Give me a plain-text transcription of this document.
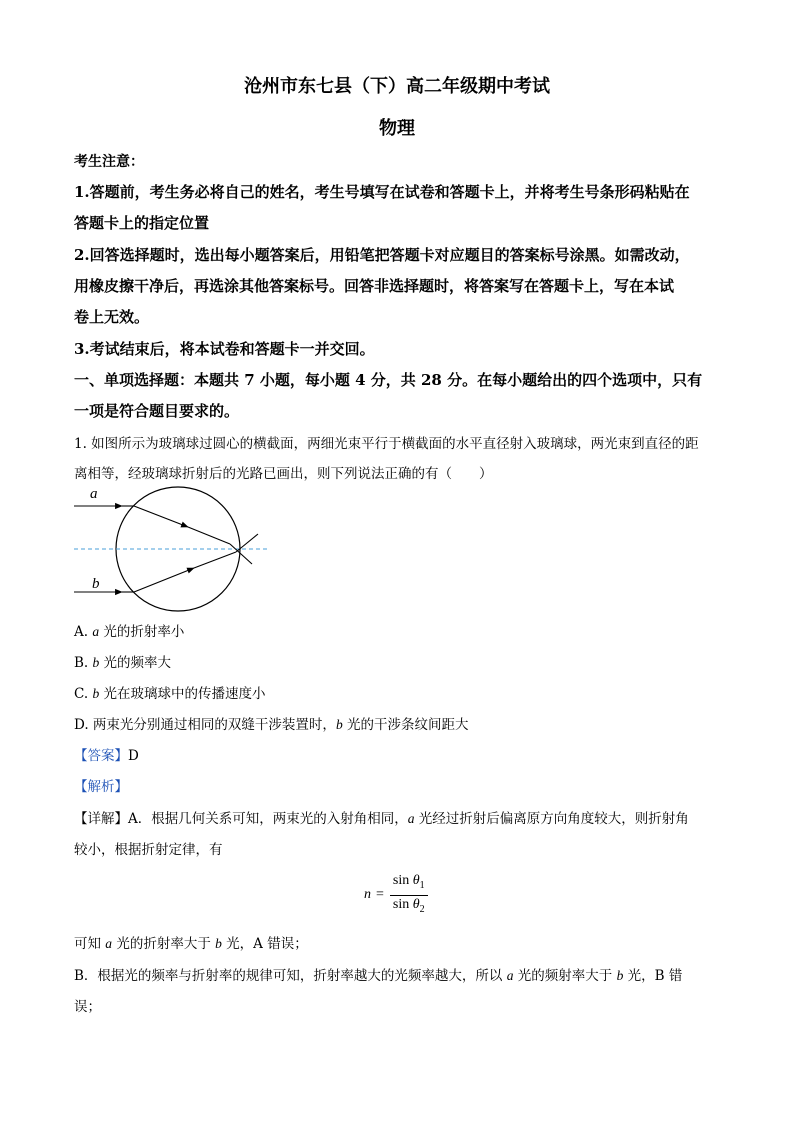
沧州市东七县（下）高二年级期中考试
物理
考生注意：
1.答题前，考生务必将自己的姓名，考生号填写在试卷和答题卡上，并将考生号条形码粘贴在
答题卡上的指定位置
2.回答选择题时，选出每小题答案后，用铅笔把答题卡对应题目的答案标号涂黑。如需改动，
用橡皮擦干净后，再选涂其他答案标号。回答非选择题时，将答案写在答题卡上，写在本试
卷上无效。
3.考试结束后，将本试卷和答题卡一并交回。
一、单项选择题：本题共 7 小题，每小题 4 分，共 28 分。在每小题给出的四个选项中，只有
一项是符合题目要求的。
1. 如图所示为玻璃球过圆心的横截面，两细光束平行于横截面的水平直径射入玻璃球，两光束到直径的距
离相等，经玻璃球折射后的光路已画出，则下列说法正确的有（　　）
a
b
A. a 光的折射率小
B. b 光的频率大
C. b 光在玻璃球中的传播速度小
D. 两束光分别通过相同的双缝干涉装置时，b 光的干涉条纹间距大
【答案】D
【解析】
【详解】A．根据几何关系可知，两束光的入射角相同，a 光经过折射后偏离原方向角度较大，则折射角
较小，根据折射定律，有
n =
$\sin \theta_1$
$\sin \theta_2$
可知 a 光的折射率大于 b 光，A 错误；
B．根据光的频率与折射率的规律可知，折射率越大的光频率越大，所以 a 光的频射率大于 b 光，B 错
误；
